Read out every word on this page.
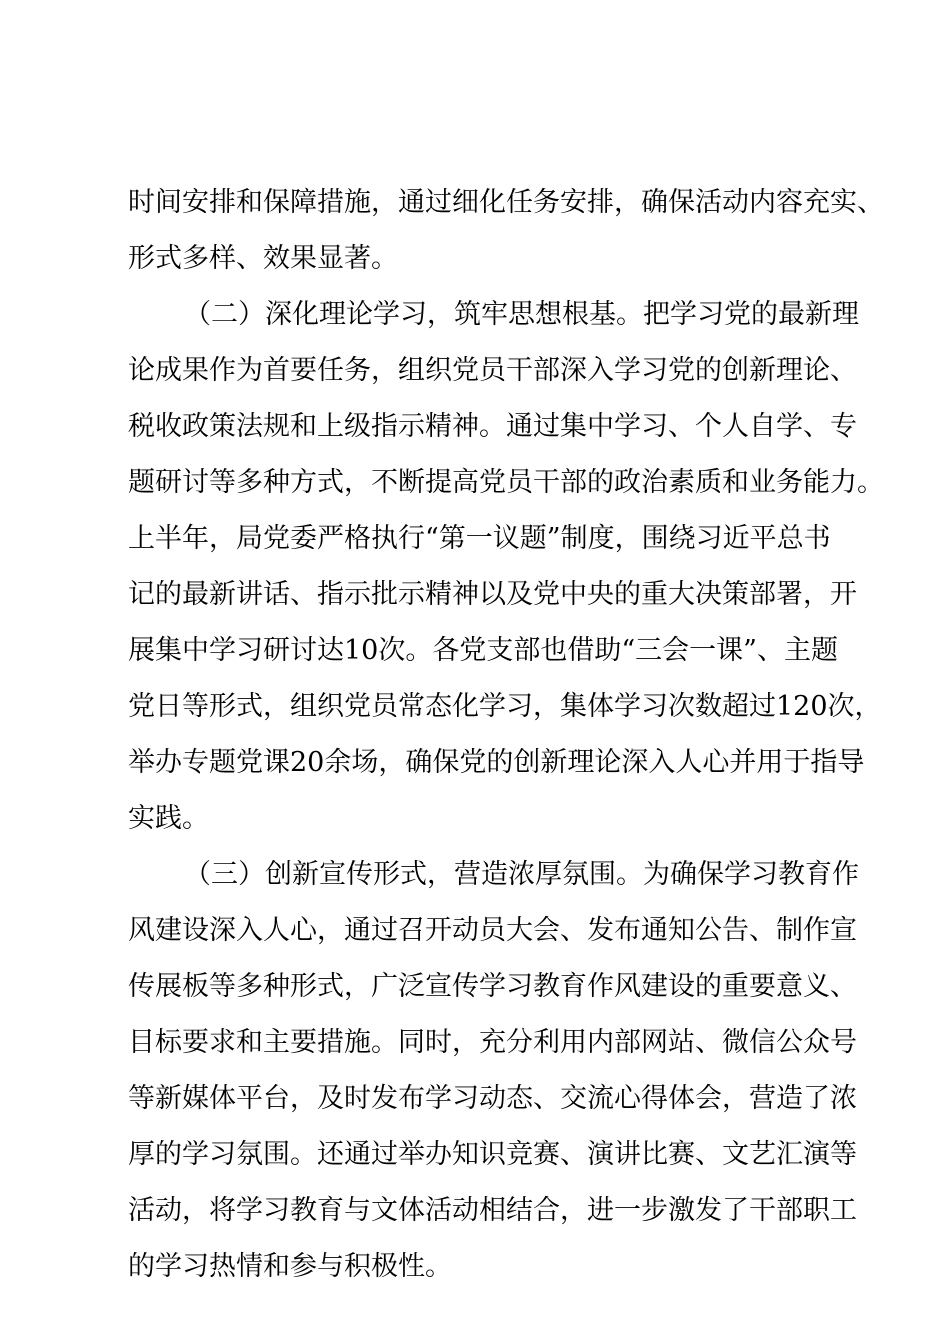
时间安排和保障措施，通过细化任务安排，确保活动内容充实、
形式多样、效果显著。
（二）深化理论学习，筑牢思想根基。把学习党的最新理
论成果作为首要任务，组织党员干部深入学习党的创新理论、
税收政策法规和上级指示精神。通过集中学习、个人自学、专
题研讨等多种方式，不断提高党员干部的政治素质和业务能力。
上半年，局党委严格执行“第一议题”制度，围绕习近平总书
记的最新讲话、指示批示精神以及党中央的重大决策部署，开
展集中学习研讨达10次。各党支部也借助“三会一课”、主题
党日等形式，组织党员常态化学习，集体学习次数超过120次，
举办专题党课20余场，确保党的创新理论深入人心并用于指导
实践。
（三）创新宣传形式，营造浓厚氛围。为确保学习教育作
风建设深入人心，通过召开动员大会、发布通知公告、制作宣
传展板等多种形式，广泛宣传学习教育作风建设的重要意义、
目标要求和主要措施。同时，充分利用内部网站、微信公众号
等新媒体平台，及时发布学习动态、交流心得体会，营造了浓
厚的学习氛围。还通过举办知识竞赛、演讲比赛、文艺汇演等
活动，将学习教育与文体活动相结合，进一步激发了干部职工
的学习热情和参与积极性。
